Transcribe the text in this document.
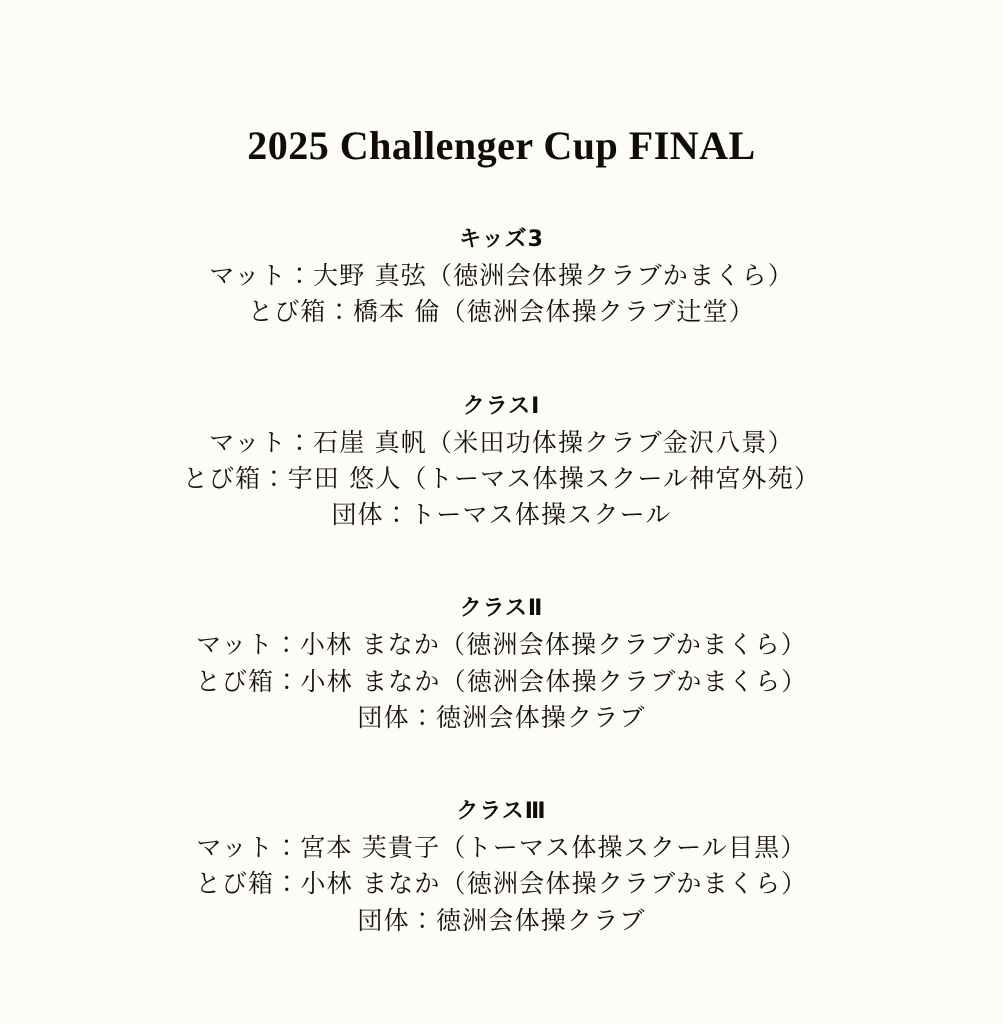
2025 Challenger Cup FINAL
キッズ3

マット：大野 真弦（徳洲会体操クラブかまくら）

とび箱：橋本 倫（徳洲会体操クラブ辻堂）

クラスⅠ

マット：石崖 真帆（米田功体操クラブ金沢八景）

とび箱：宇田 悠人（トーマス体操スクール神宮外苑）

団体：トーマス体操スクール

クラスⅡ

マット：小林 まなか（徳洲会体操クラブかまくら）

とび箱：小林 まなか（徳洲会体操クラブかまくら）

団体：徳洲会体操クラブ

クラスⅢ

マット：宮本 芙貴子（トーマス体操スクール目黒）

とび箱：小林 まなか（徳洲会体操クラブかまくら）

団体：徳洲会体操クラブ
